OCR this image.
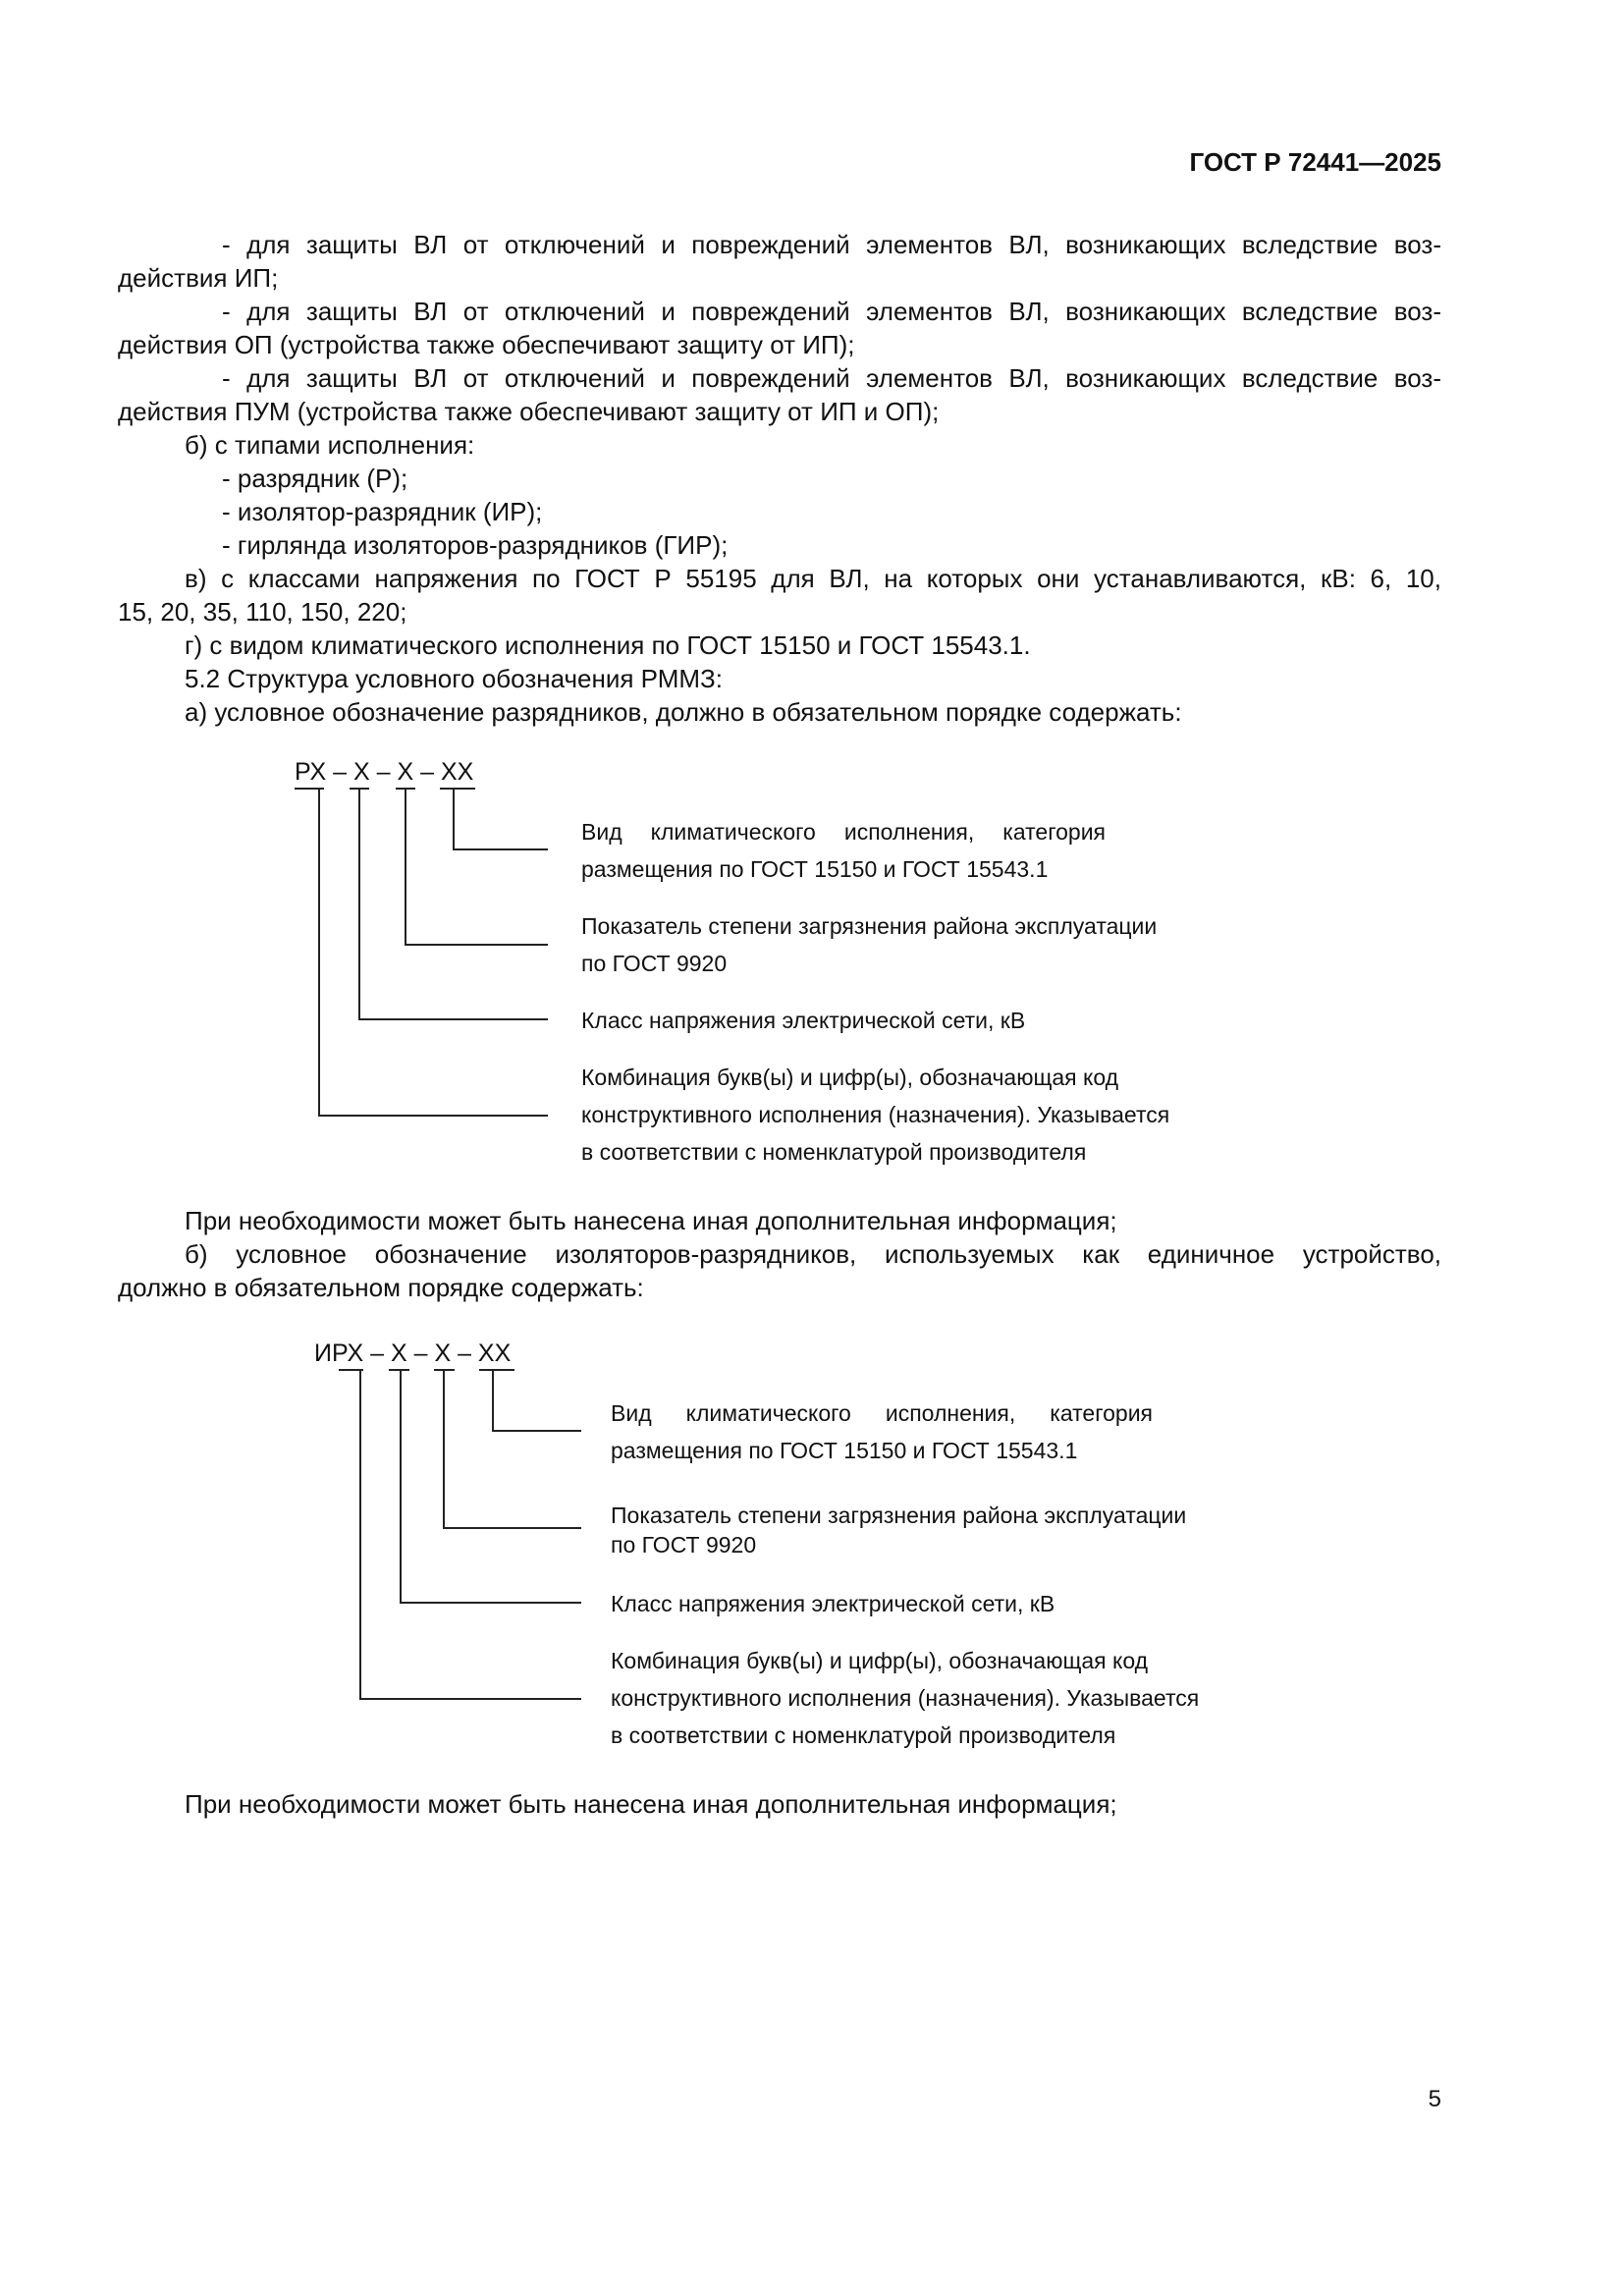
ГОСТ Р 72441—2025
- для защиты ВЛ от отключений и повреждений элементов ВЛ, возникающих вследствие воз-
действия ИП;
- для защиты ВЛ от отключений и повреждений элементов ВЛ, возникающих вследствие воз-
действия ОП (устройства также обеспечивают защиту от ИП);
- для защиты ВЛ от отключений и повреждений элементов ВЛ, возникающих вследствие воз-
действия ПУМ (устройства также обеспечивают защиту от ИП и ОП);
б) с типами исполнения:
- разрядник (Р);
- изолятор-разрядник (ИР);
- гирлянда изоляторов-разрядников (ГИР);
в) с классами напряжения по ГОСТ Р 55195 для ВЛ, на которых они устанавливаются, кВ: 6, 10,
15, 20, 35, 110, 150, 220;
г) с видом климатического исполнения по ГОСТ 15150 и ГОСТ 15543.1.
5.2 Структура условного обозначения РММЗ:
а) условное обозначение разрядников, должно в обязательном порядке содержать:
РХ – Х – Х – ХХ
Вид климатического исполнения, категория
размещения по ГОСТ 15150 и ГОСТ 15543.1
Показатель степени загрязнения района эксплуатации
по ГОСТ 9920
Класс напряжения электрической сети, кВ
Комбинация букв(ы) и цифр(ы), обозначающая код
конструктивного исполнения (назначения). Указывается
в соответствии с номенклатурой производителя
При необходимости может быть нанесена иная дополнительная информация;
б) условное обозначение изоляторов-разрядников, используемых как единичное устройство,
должно в обязательном порядке содержать:
ИРХ – Х – Х – ХХ
Вид климатического исполнения, категория
размещения по ГОСТ 15150 и ГОСТ 15543.1
Показатель степени загрязнения района эксплуатации
по ГОСТ 9920
Класс напряжения электрической сети, кВ
Комбинация букв(ы) и цифр(ы), обозначающая код
конструктивного исполнения (назначения). Указывается
в соответствии с номенклатурой производителя
При необходимости может быть нанесена иная дополнительная информация;
5
